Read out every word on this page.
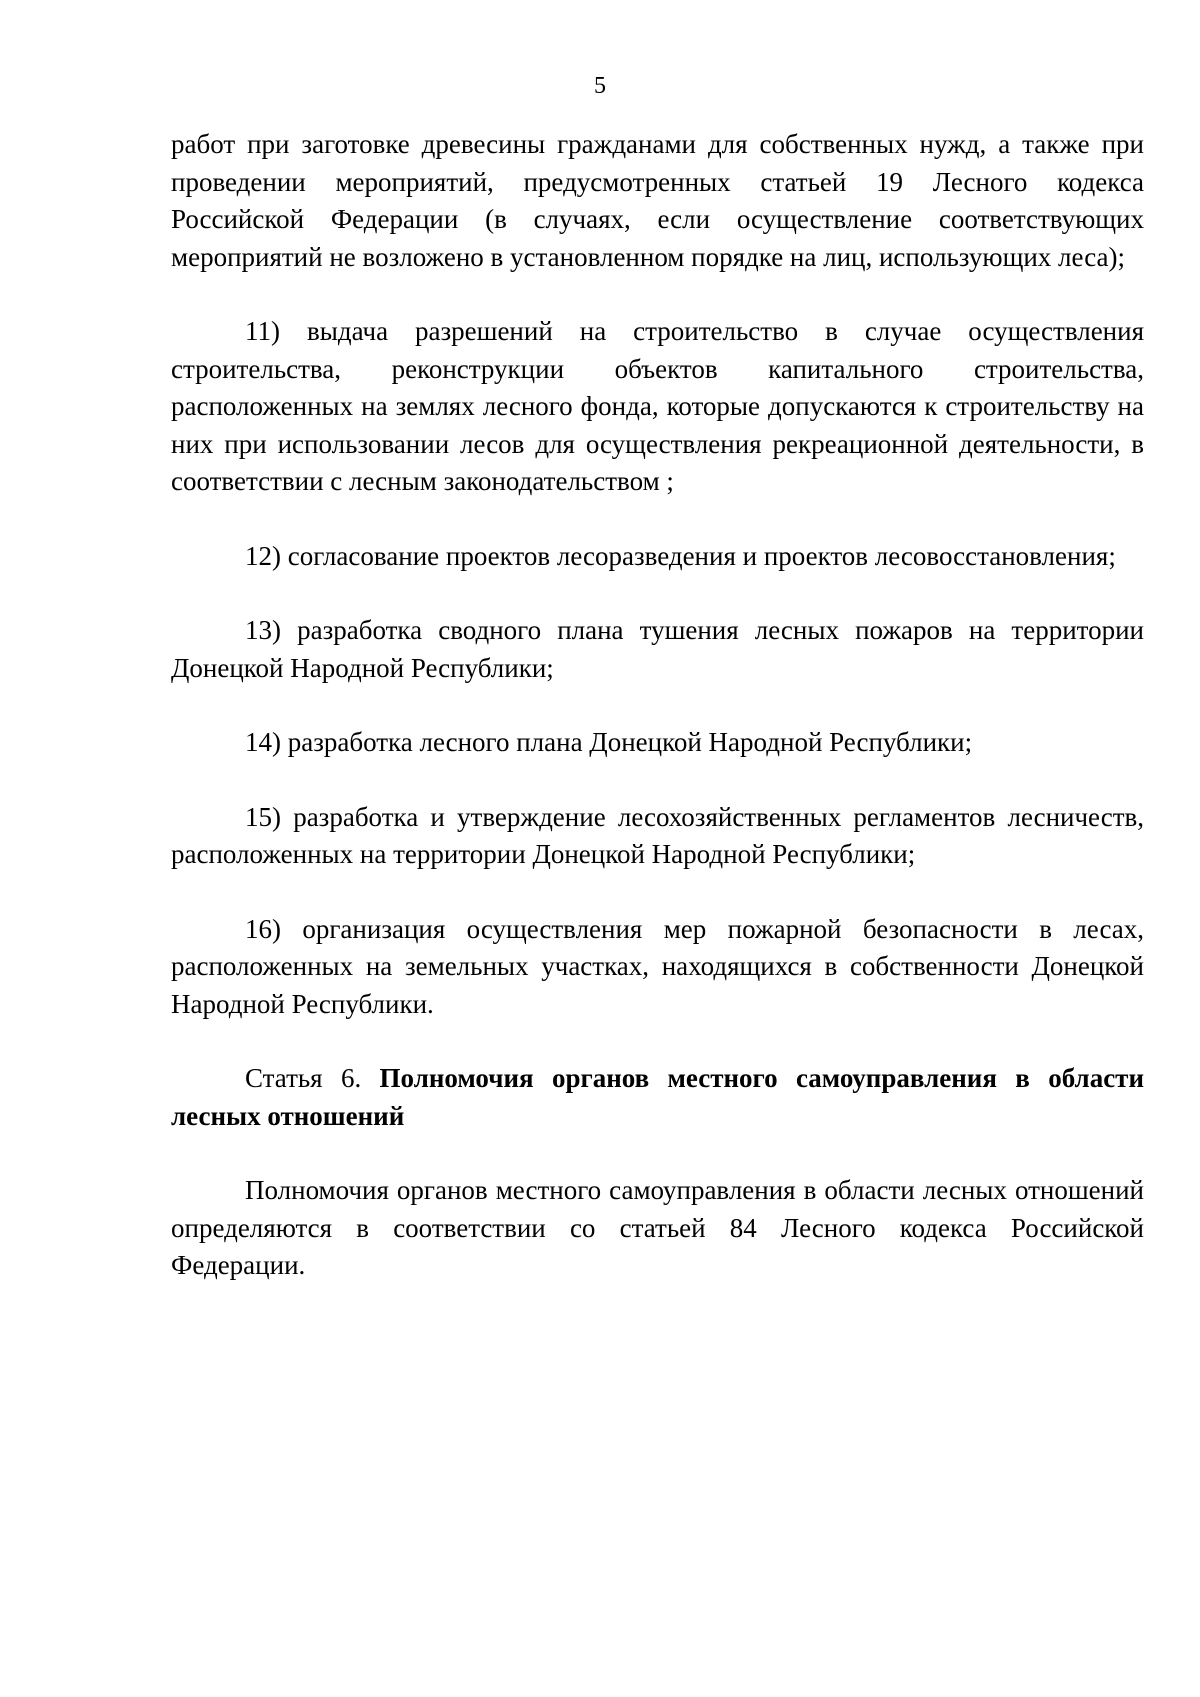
5

работ при заготовке древесины гражданами для собственных нужд, а также при проведении мероприятий, предусмотренных статьей 19 Лесного кодекса Российской Федерации (в случаях, если осуществление соответствующих мероприятий не возложено в установленном порядке на лиц, использующих леса);

11) выдача разрешений на строительство в случае осуществления строительства, реконструкции объектов капитального строительства, расположенных на землях лесного фонда, которые допускаются к строительству на них при использовании лесов для осуществления рекреационной деятельности, в соответствии с лесным законодательством ;

12) согласование проектов лесоразведения и проектов лесовосстановления;

13) разработка сводного плана тушения лесных пожаров на территории Донецкой Народной Республики;

14) разработка лесного плана Донецкой Народной Республики;

15) разработка и утверждение лесохозяйственных регламентов лесничеств, расположенных на территории Донецкой Народной Республики;

16) организация осуществления мер пожарной безопасности в лесах, расположенных на земельных участках, находящихся в собственности Донецкой Народной Республики.

Статья 6. Полномочия органов местного самоуправления в области лесных отношений

Полномочия органов местного самоуправления в области лесных отношений определяются в соответствии со статьей 84 Лесного кодекса Российской Федерации.
